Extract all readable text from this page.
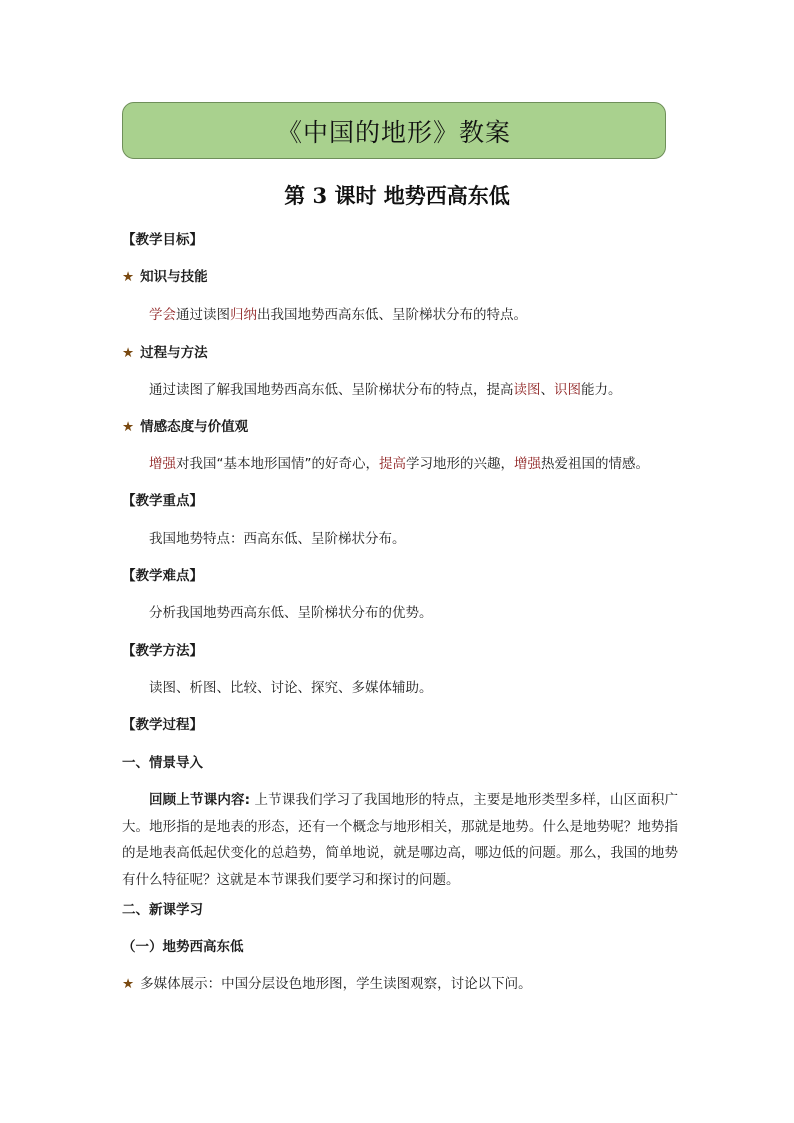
《中国的地形》教案
第 3 课时 地势西高东低
【教学目标】
★ 知识与技能
学会通过读图归纳出我国地势西高东低、呈阶梯状分布的特点。
★ 过程与方法
通过读图了解我国地势西高东低、呈阶梯状分布的特点，提高读图、识图能力。
★ 情感态度与价值观
增强对我国“基本地形国情”的好奇心，提高学习地形的兴趣，增强热爱祖国的情感。
【教学重点】
我国地势特点：西高东低、呈阶梯状分布。
【教学难点】
分析我国地势西高东低、呈阶梯状分布的优势。
【教学方法】
读图、析图、比较、讨论、探究、多媒体辅助。
【教学过程】
一、情景导入
回顾上节课内容: 上节课我们学习了我国地形的特点，主要是地形类型多样，山区面积广大。地形指的是地表的形态，还有一个概念与地形相关，那就是地势。什么是地势呢？地势指的是地表高低起伏变化的总趋势，简单地说，就是哪边高，哪边低的问题。那么，我国的地势有什么特征呢？这就是本节课我们要学习和探讨的问题。
二、新课学习
（一）地势西高东低
★ 多媒体展示：中国分层设色地形图，学生读图观察，讨论以下问。
